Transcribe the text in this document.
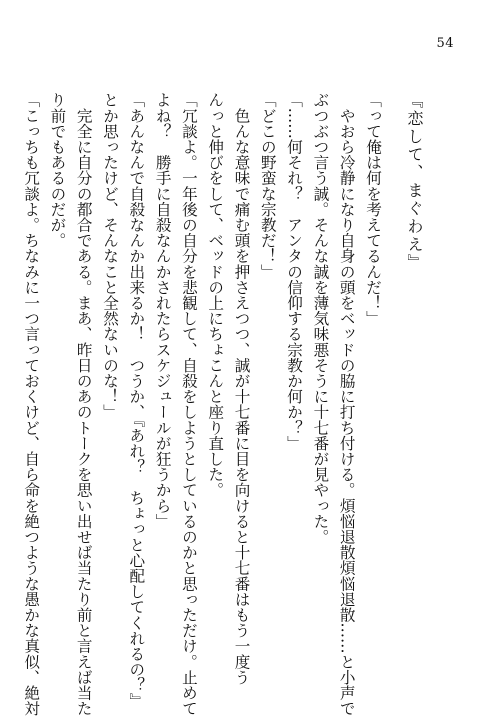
54
『恋して、まぐわえ』
「って俺は何を考えてるんだ！」
　やおら冷静になり自身の頭をベッドの脇に打ち付ける。煩悩退散煩悩退散……と小声で
ぶつぶつ言う誠。そんな誠を薄気味悪そうに十七番が見やった。
「……何それ？　アンタの信仰する宗教か何か？」
「どこの野蛮な宗教だ！」
　色んな意味で痛む頭を押さえつつ、誠が十七番に目を向けると十七番はもう一度う
んっと伸びをして、ベッドの上にちょこんと座り直した。
「冗談よ。一年後の自分を悲観して、自殺をしようとしているのかと思っただけ。止めて
よね？　勝手に自殺なんかされたらスケジュールが狂うから」
「あんなんで自殺なんか出来るか！　つうか、『あれ？　ちょっと心配してくれるの？』
とか思ったけど、そんなこと全然ないのな！」
　完全に自分の都合である。まあ、昨日のあのトークを思い出せば当たり前と言えば当た
り前でもあるのだが。
「こっちも冗談よ。ちなみに一つ言っておくけど、自ら命を絶つような愚かな真似、絶対
